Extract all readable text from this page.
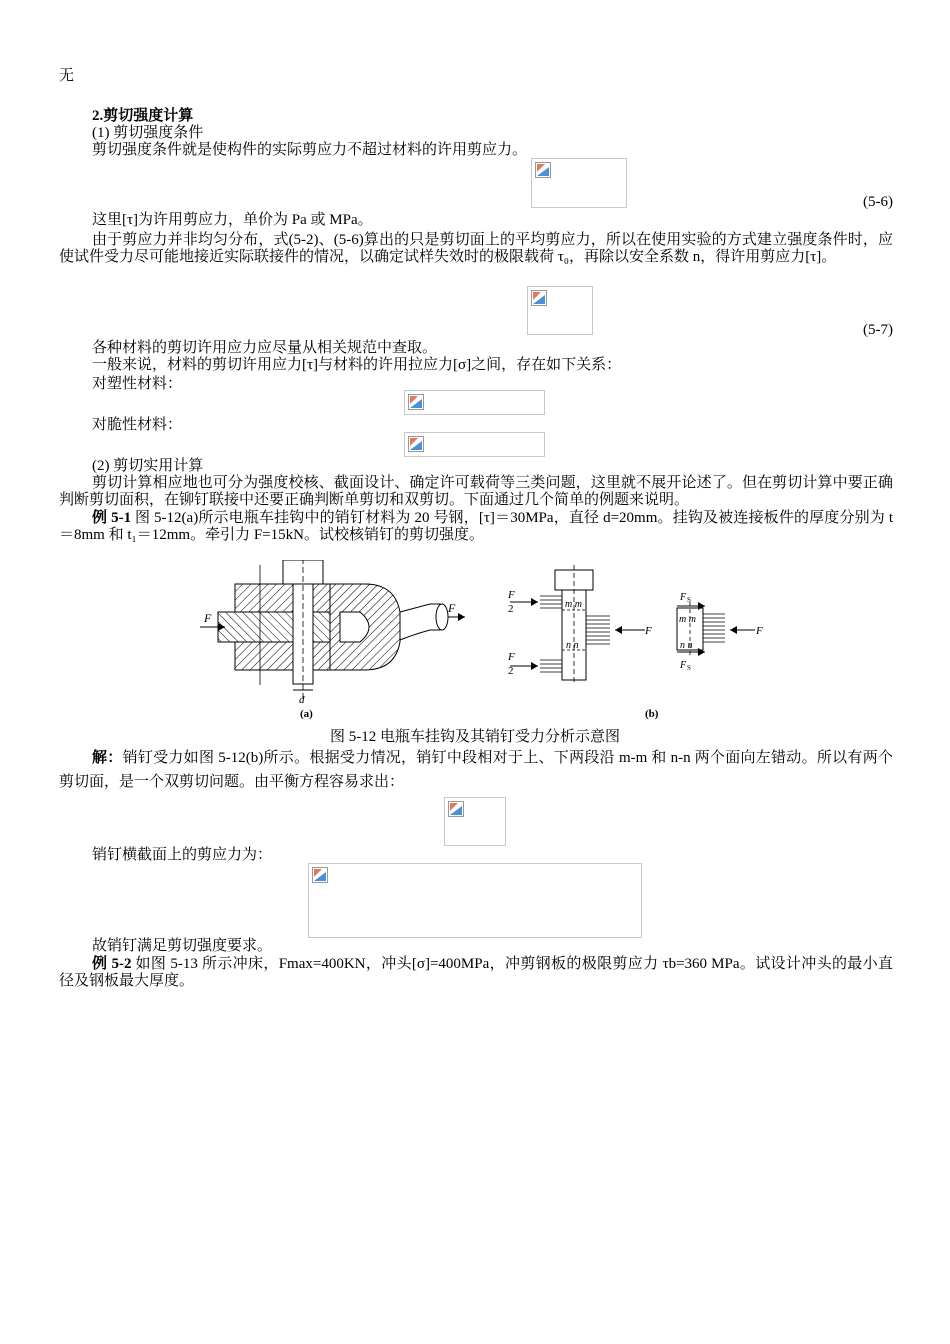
无
2.剪切强度计算
(1) 剪切强度条件
剪切强度条件就是使构件的实际剪应力不超过材料的许用剪应力。
(5-6)
这里[τ]为许用剪应力，单价为 Pa 或 MPa。
由于剪应力并非均匀分布，式(5-2)、(5-6)算出的只是剪切面上的平均剪应力，所以在使用实验的方式建立强度条件时，应使试件受力尽可能地接近实际联接件的情况，以确定试样失效时的极限载荷 τ₀，再除以安全系数 n，得许用剪应力[τ]。
(5-7)
各种材料的剪切许用应力应尽量从相关规范中查取。
一般来说，材料的剪切许用应力[τ]与材料的许用拉应力[σ]之间，存在如下关系：
对塑性材料：
对脆性材料：
(2) 剪切实用计算
剪切计算相应地也可分为强度校核、截面设计、确定许可载荷等三类问题，这里就不展开论述了。但在剪切计算中要正确判断剪切面积，在铆钉联接中还要正确判断单剪切和双剪切。下面通过几个简单的例题来说明。
例 5-1 图 5-12(a)所示电瓶车挂钩中的销钉材料为 20 号钢，[τ]＝30MPa，直径 d=20mm。挂钩及被连接板件的厚度分别为 t＝8mm 和 t₁＝12mm。牵引力 F=15kN。试校核销钉的剪切强度。
F
F
d
(a)
m m
n n
F
2
F
2
F
m m
n n
F
F S
F S
(b)
图 5-12 电瓶车挂钩及其销钉受力分析示意图
解：销钉受力如图 5-12(b)所示。根据受力情况，销钉中段相对于上、下两段沿 m-m 和 n-n 两个面向左错动。所以有两个剪切面，是一个双剪切问题。由平衡方程容易求出：
销钉横截面上的剪应力为：
故销钉满足剪切强度要求。
例 5-2 如图 5-13 所示冲床，Fmax=400KN，冲头[σ]=400MPa，冲剪钢板的极限剪应力 τb=360 MPa。试设计冲头的最小直径及钢板最大厚度。
